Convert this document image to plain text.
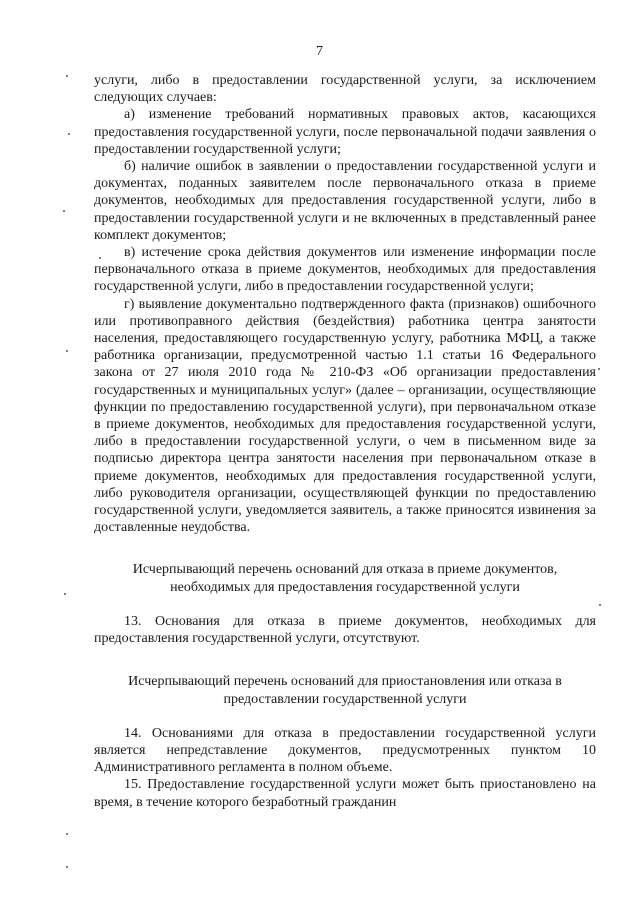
7

услуги, либо в предоставлении государственной услуги, за исключением следующих случаев:

а) изменение требований нормативных правовых актов, касающихся предоставления государственной услуги, после первоначальной подачи заявления о предоставлении государственной услуги;

б) наличие ошибок в заявлении о предоставлении государственной услуги и документах, поданных заявителем после первоначального отказа в приеме документов, необходимых для предоставления государственной услуги, либо в предоставлении государственной услуги и не включенных в представленный ранее комплект документов;

в) истечение срока действия документов или изменение информации после первоначального отказа в приеме документов, необходимых для предоставления государственной услуги, либо в предоставлении государственной услуги;

г) выявление документально подтвержденного факта (признаков) ошибочного или противоправного действия (бездействия) работника центра занятости населения, предоставляющего государственную услугу, работника МФЦ, а также работника организации, предусмотренной частью 1.1 статьи 16 Федерального закона от 27 июля 2010 года № 210-ФЗ «Об организации предоставления государственных и муниципальных услуг» (далее – организации, осуществляющие функции по предоставлению государственной услуги), при первоначальном отказе в приеме документов, необходимых для предоставления государственной услуги, либо в предоставлении государственной услуги, о чем в письменном виде за подписью директора центра занятости населения при первоначальном отказе в приеме документов, необходимых для предоставления государственной услуги, либо руководителя организации, осуществляющей функции по предоставлению государственной услуги, уведомляется заявитель, а также приносятся извинения за доставленные неудобства.

Исчерпывающий перечень оснований для отказа в приеме документов, необходимых для предоставления государственной услуги

13. Основания для отказа в приеме документов, необходимых для предоставления государственной услуги, отсутствуют.

Исчерпывающий перечень оснований для приостановления или отказа в предоставлении государственной услуги

14. Основаниями для отказа в предоставлении государственной услуги является непредставление документов, предусмотренных пунктом 10 Административного регламента в полном объеме.

15. Предоставление государственной услуги может быть приостановлено на время, в течение которого безработный гражданин
